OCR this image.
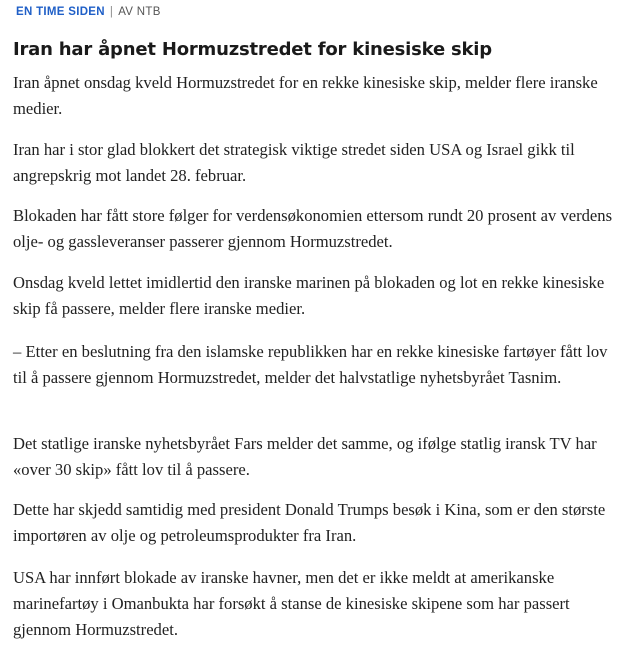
EN TIME SIDEN | AV NTB
Iran har åpnet Hormuzstredet for kinesiske skip

Iran åpnet onsdag kveld Hormuzstredet for en rekke kinesiske skip, melder flere iranske medier.

Iran har i stor glad blokkert det strategisk viktige stredet siden USA og Israel gikk til angrepskrig mot landet 28. februar.

Blokaden har fått store følger for verdensøkonomien ettersom rundt 20 prosent av verdens olje- og gassleveranser passerer gjennom Hormuzstredet.

Onsdag kveld lettet imidlertid den iranske marinen på blokaden og lot en rekke kinesiske skip få passere, melder flere iranske medier.

– Etter en beslutning fra den islamske republikken har en rekke kinesiske fartøyer fått lov til å passere gjennom Hormuzstredet, melder det halvstatlige nyhetsbyrået Tasnim.

Det statlige iranske nyhetsbyrået Fars melder det samme, og ifølge statlig iransk TV har «over 30 skip» fått lov til å passere.

Dette har skjedd samtidig med president Donald Trumps besøk i Kina, som er den største importøren av olje og petroleumsprodukter fra Iran.

USA har innført blokade av iranske havner, men det er ikke meldt at amerikanske marinefartøy i Omanbukta har forsøkt å stanse de kinesiske skipene som har passert gjennom Hormuzstredet.
